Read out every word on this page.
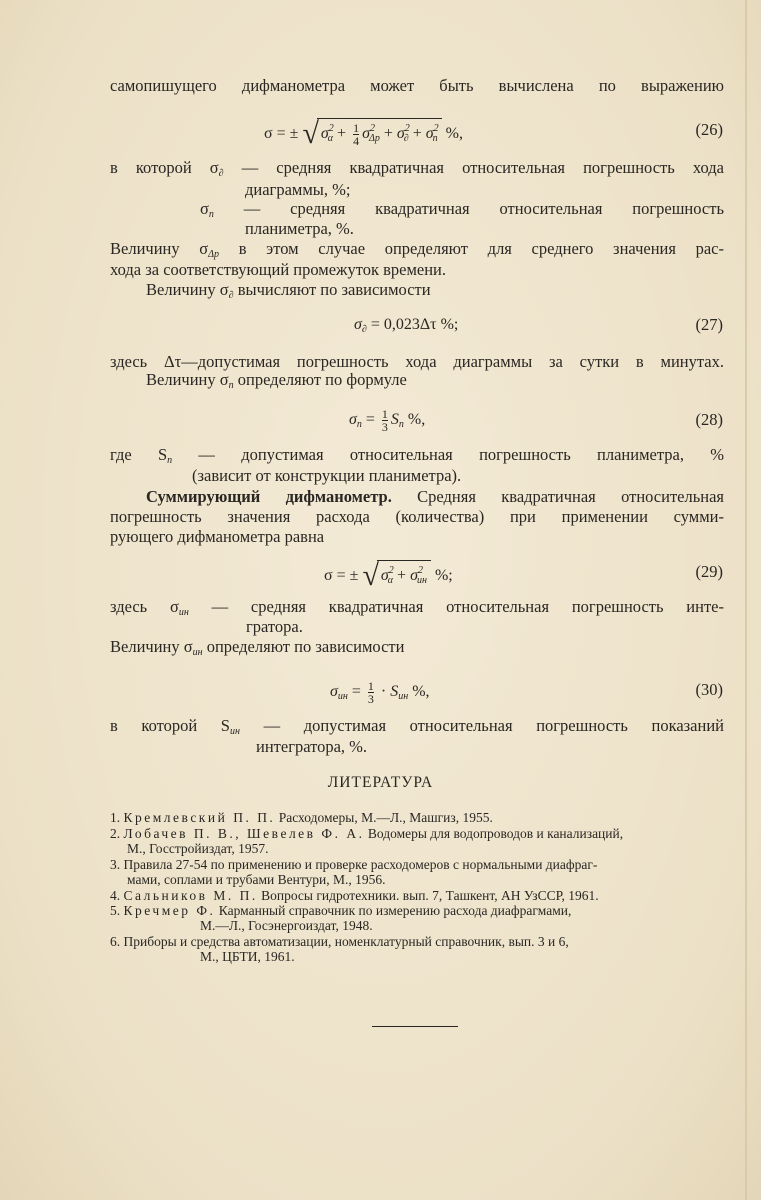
самопишущего дифманометра может быть вычислена по выражению
σ = ± √ $\sigma^2_\alpha + \frac{1}{4} \sigma^2_{\Delta p} + \sigma^2_\partial + \sigma^2_п$ %,	(26)
в которой $\sigma_\partial$ — средняя квадратичная относительная погрешность хода
диаграммы, %;
$\sigma_п$ — средняя квадратичная относительная погрешность
планиметра, %.
Величину $\sigma_{\Delta p}$ в этом случае определяют для среднего значения рас-
хода за соответствующий промежуток времени.
Величину $\sigma_\partial$ вычисляют по зависимости
$\sigma_\partial = 0,023\Delta\tau$ %;	(27)
здесь Δτ—допустимая погрешность хода диаграммы за сутки в минутах.
Величину $\sigma_п$ определяют по формуле
$\sigma_п = \frac{1}{3} S_п$ %,	(28)
где $S_п$ — допустимая относительная погрешность планиметра, %
(зависит от конструкции планиметра).
Суммирующий дифманометр. Средняя квадратичная относительная
погрешность значения расхода (количества) при применении сумми-
рующего дифманометра равна
σ = ± √ $\sigma^2_\alpha + \sigma^2_{ин}$ %;	(29)
здесь $\sigma_{ин}$ — средняя квадратичная относительная погрешность инте-
гратора.
Величину $\sigma_{ин}$ определяют по зависимости
$\sigma_{ин} = \frac{1}{3} \cdot S_{ин}$ %,	(30)
в которой $S_{ин}$ — допустимая относительная погрешность показаний
интегратора, %.
ЛИТЕРАТУРА
1. Кремлевский П. П. Расходомеры, М.—Л., Машгиз, 1955.
2. Лобачев П. В., Шевелев Ф. А. Водомеры для водопроводов и канализаций,
М., Госстройиздат, 1957.
3. Правила 27-54 по применению и проверке расходомеров с нормальными диафраг-
мами, соплами и трубами Вентури, М., 1956.
4. Сальников М. П. Вопросы гидротехники. вып. 7, Ташкент, АН УзССР, 1961.
5. Кречмер Ф. Карманный справочник по измерению расхода диафрагмами,
М.—Л., Госэнергоиздат, 1948.
6. Приборы и средства автоматизации, номенклатурный справочник, вып. 3 и 6,
М., ЦБТИ, 1961.
